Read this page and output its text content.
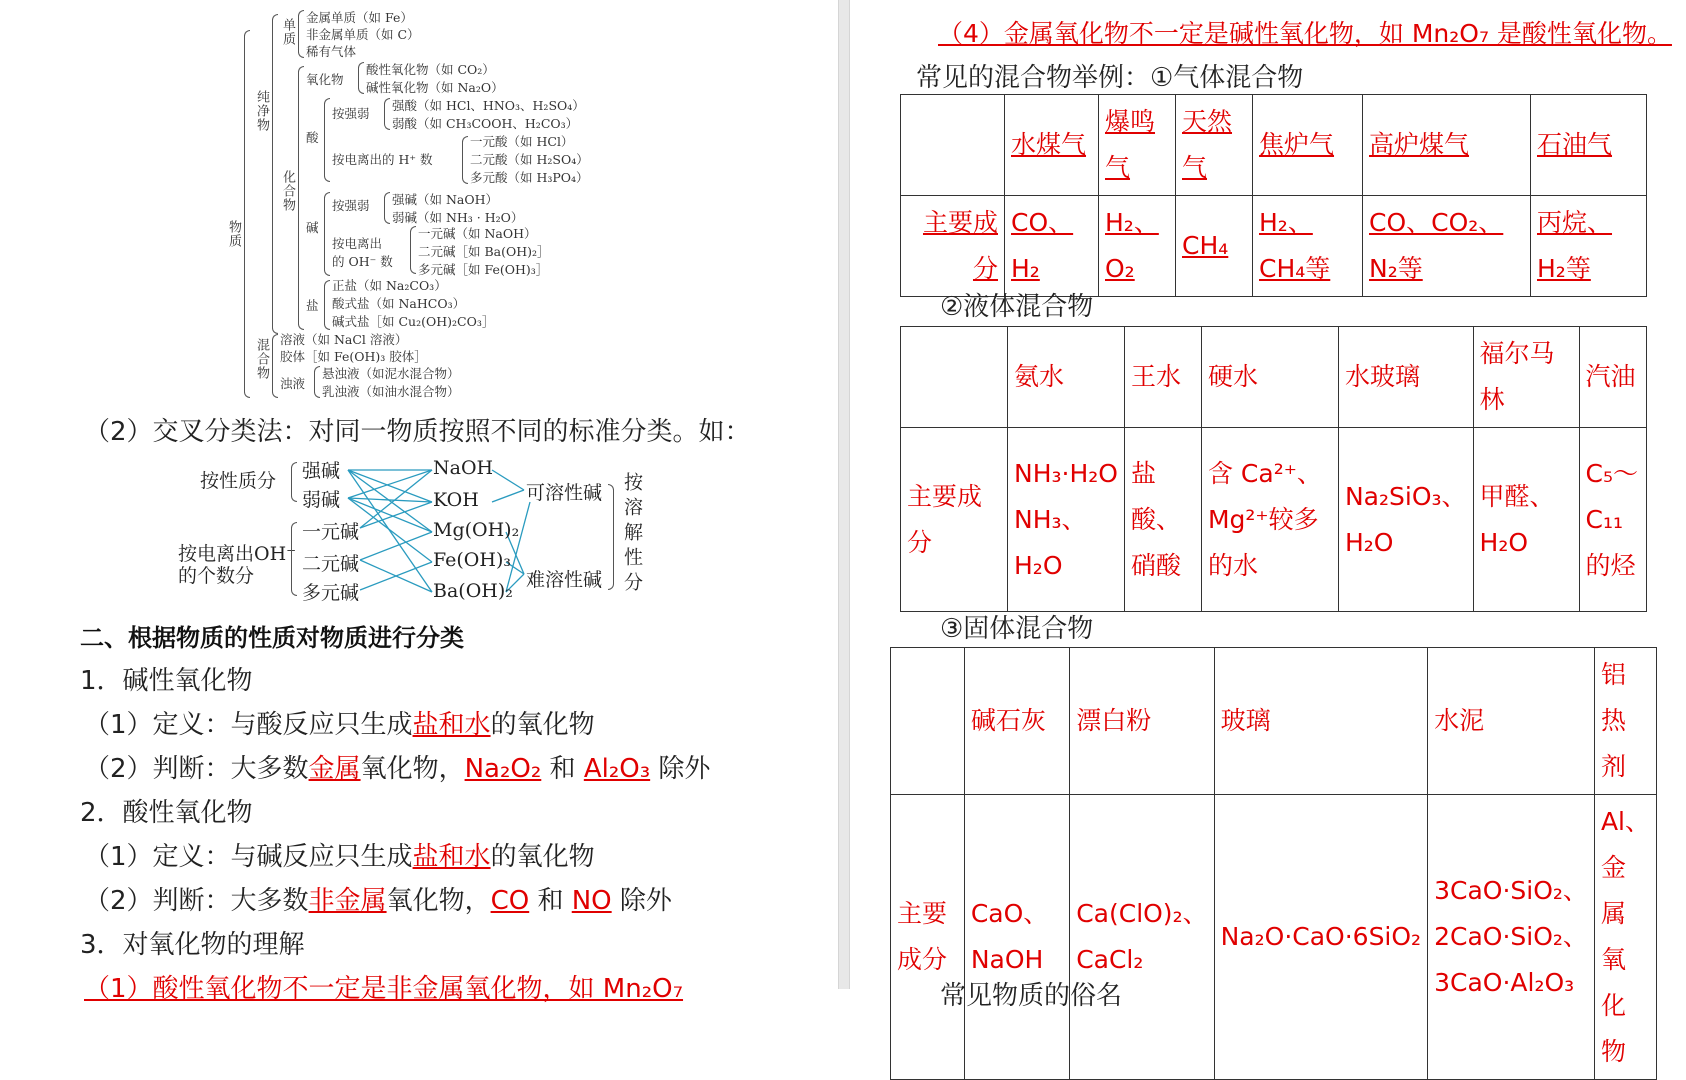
物质
纯净物
单质
金属单质（如 Fe）
非金属单质（如 C）
稀有气体
化合物
氧化物
酸性氧化物（如 CO₂）
碱性氧化物（如 Na₂O）
酸
按强弱
强酸（如 HCl、HNO₃、H₂SO₄）
弱酸（如 CH₃COOH、H₂CO₃）
按电离出的 H⁺ 数
一元酸（如 HCl）
二元酸（如 H₂SO₄）
多元酸（如 H₃PO₄）
碱
按强弱 强碱（如 NaOH）
弱碱（如 NH₃ · H₂O）
按电离出
的 OH⁻ 数
一元碱（如 NaOH）
二元碱［如 Ba(OH)₂］
多元碱［如 Fe(OH)₃］
盐
正盐（如 Na₂CO₃）
酸式盐（如 NaHCO₃）
碱式盐［如 Cu₂(OH)₂CO₃］
混合物 溶液（如 NaCl 溶液）
胶体［如 Fe(OH)₃ 胶体］
浊液
悬浊液（如泥水混合物）
乳浊液（如油水混合物）
（2）交叉分类法：对同一物质按照不同的标准分类。如：
按性质分 强碱
弱碱
按电离出OH⁻
的个数分
一元碱
二元碱
多元碱
NaOH
KOH
Mg(OH)₂
Fe(OH)₃
Ba(OH)₂
可溶性碱
难溶性碱 按溶解性分
二、根据物质的性质对物质进行分类
1．碱性氧化物
（1）定义：与酸反应只生成盐和水的氧化物
（2）判断：大多数金属氧化物，Na₂O₂ 和 Al₂O₃ 除外
2．酸性氧化物
（1）定义：与碱反应只生成盐和水的氧化物
（2）判断：大多数非金属氧化物，CO 和 NO 除外
3．对氧化物的理解
（1）酸性氧化物不一定是非金属氧化物，如 Mn₂O₇
（4）金属氧化物不一定是碱性氧化物，如 Mn₂O₇ 是酸性氧化物。
常见的混合物举例：①气体混合物
	水煤气	爆鸣气	天然气	焦炉气	高炉煤气	石油气
主要成分	CO、H₂	H₂、O₂	CH₄	H₂、CH₄等	CO、CO₂、N₂等	丙烷、H₂等
②液体混合物
	氨水	王水	硬水	水玻璃	福尔马林	汽油
主要成分	NH₃·H₂O NH₃、H₂O	盐酸、硝酸	含 Ca²⁺、Mg²⁺较多的水	Na₂SiO₃、H₂O	甲醛、H₂O	C₅～C₁₁的烃
③固体混合物
	碱石灰	漂白粉	玻璃	水泥	铝热剂
主要成分	CaO、NaOH	Ca(ClO)₂、CaCl₂	Na₂O·CaO·6SiO₂	3CaO·SiO₂、2CaO·SiO₂、3CaO·Al₂O₃	Al、金属氧化物
常见物质的俗名
